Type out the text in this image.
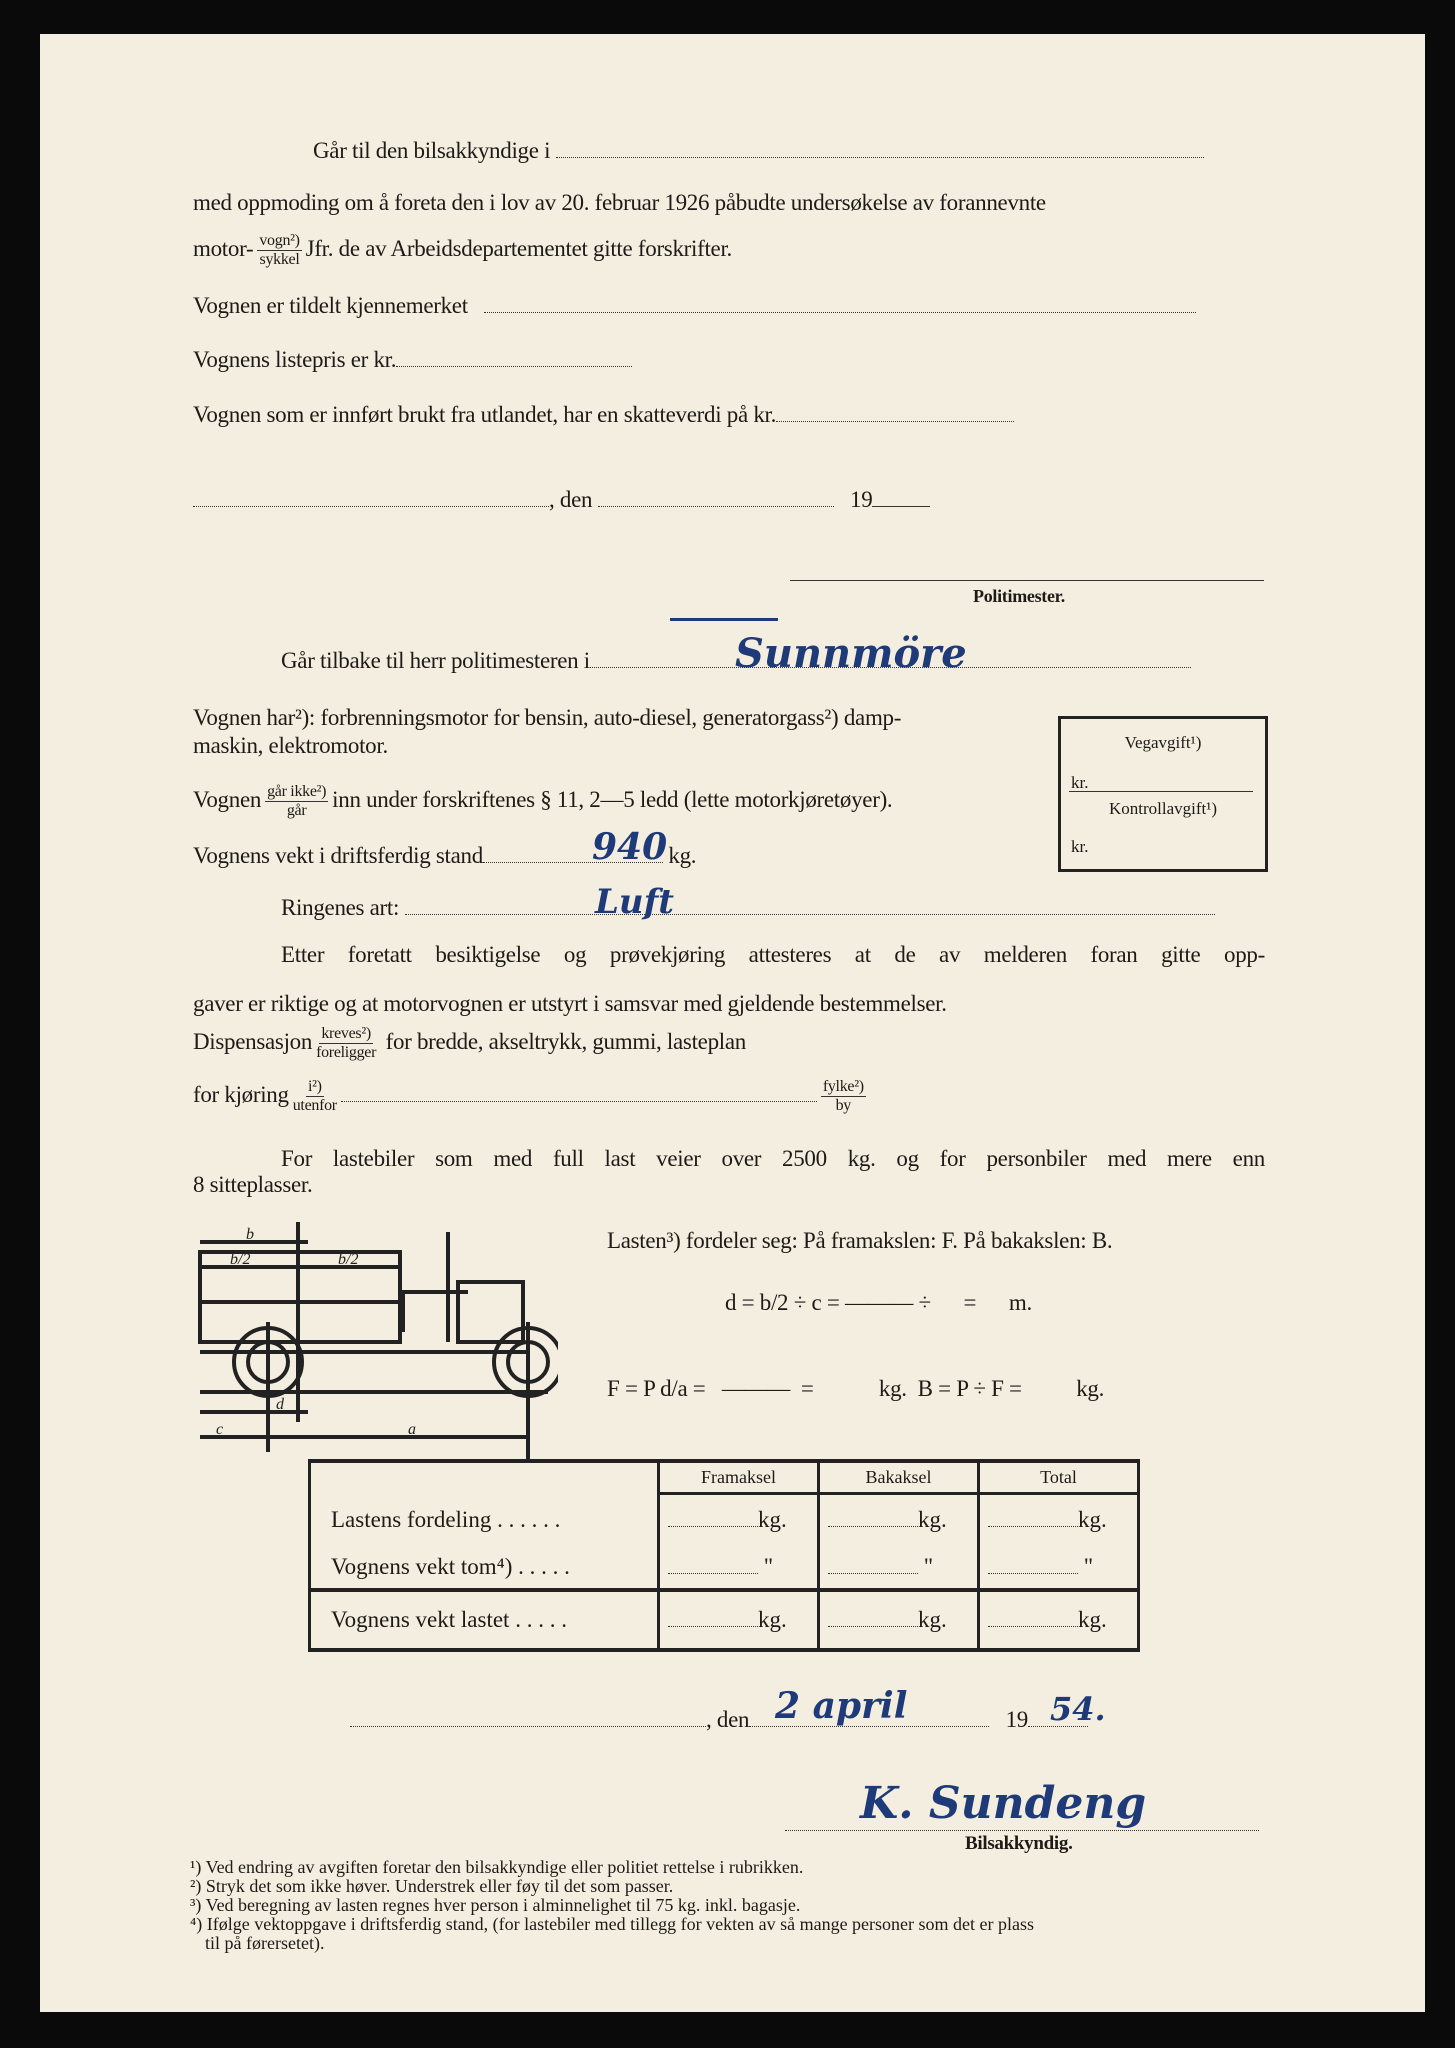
Går til den bilsakkyndige i
med oppmoding om å foreta den i lov av 20. februar 1926 påbudte undersøkelse av forannevnte
motor- $\frac{\text{vogn²)}}{\text{sykkel}}$ Jfr. de av Arbeidsdepartementet gitte forskrifter.
Vognen er tildelt kjennemerket
Vognens listepris er kr.
Vognen som er innført brukt fra utlandet, har en skatteverdi på kr.
, den	19
Politimester.
Går tilbake til herr politimesteren i	Sunnmöre
Vognen har²): forbrenningsmotor for bensin, auto-diesel, generatorgass²) damp-
maskin, elektromotor.
Vognen $\frac{\text{går ikke²)}}{\text{går}}$ inn under forskriftenes § 11, 2—5 ledd (lette motorkjøretøyer).
Vognens vekt i driftsferdig stand	kg.
940
Ringenes art:	Luft
Vegavgift¹)
kr.
Kontrollavgift¹)
kr.
Etter foretatt besiktigelse og prøvekjøring attesteres at de av melderen foran gitte opp-
gaver er riktige og at motorvognen er utstyrt i samsvar med gjeldende bestemmelser.
Dispensasjon $\frac{\text{kreves²)}}{\text{foreligger}}$ for bredde, akseltrykk, gummi, lasteplan
for kjøring $\frac{\text{i²)}}{\text{utenfor}}$	$\frac{\text{fylke²)}}{by}$
For lastebiler som med full last veier over 2500 kg. og for personbiler med mere enn
8 sitteplasser.
b
b/2	b/2
d
c	a
Lasten³) fordeler seg: På framakslen: F. På bakakslen: B.
d = b/2 ÷ c = ——— ÷      =      m.
F = P d/a =   ———  =            kg.  B = P ÷ F =          kg.
	Framaksel	Bakaksel	Total
Lastens fordeling . . . . . .	kg.	kg.	kg.
Vognens vekt tom⁴) . . . . .	"	"	"
Vognens vekt lastet . . . . .	kg.	kg.	kg.
, den	19
2 april	54.
K. Sundeng
Bilsakkyndig.
¹) Ved endring av avgiften foretar den bilsakkyndige eller politiet rettelse i rubrikken.
²) Stryk det som ikke høver. Understrek eller føy til det som passer.
³) Ved beregning av lasten regnes hver person i alminnelighet til 75 kg. inkl. bagasje.
⁴) Ifølge vektoppgave i driftsferdig stand, (for lastebiler med tillegg for vekten av så mange personer som det er plass
til på førersetet).
